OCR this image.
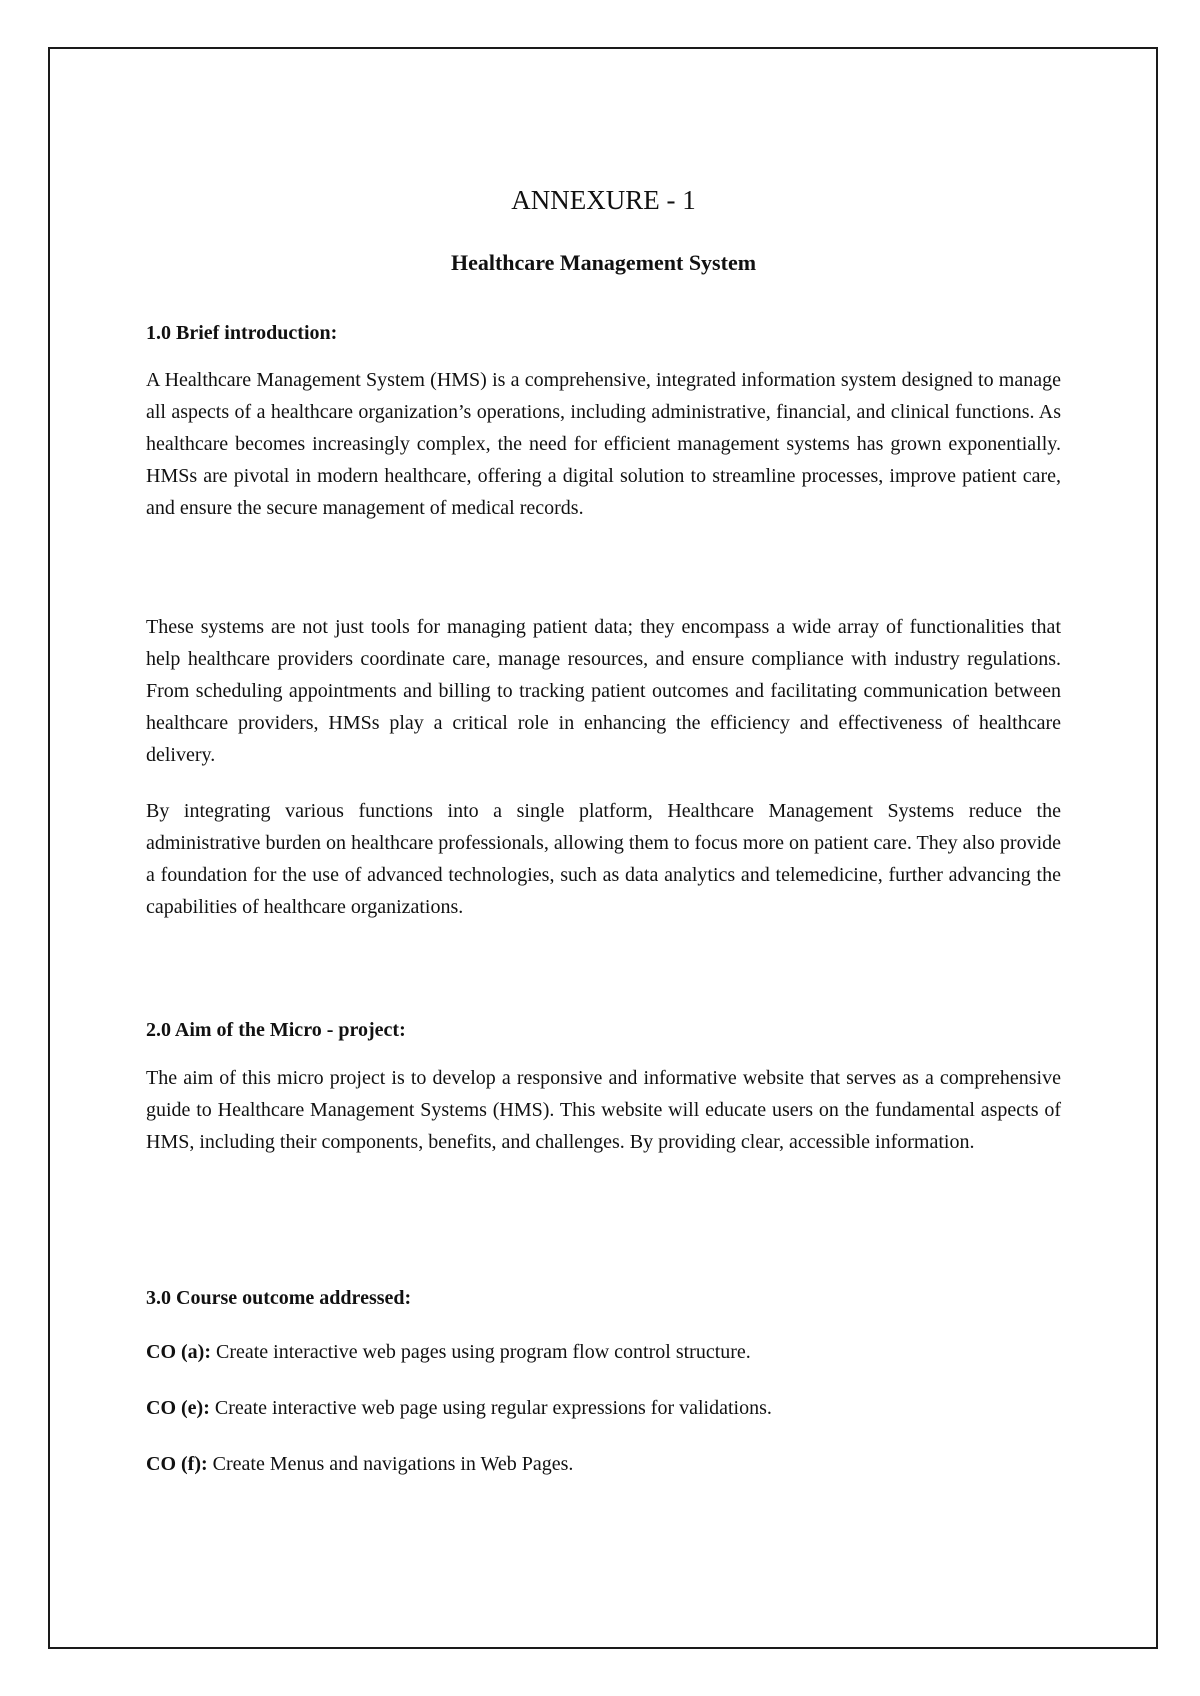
ANNEXURE - 1
Healthcare Management System
1.0 Brief introduction:

A Healthcare Management System (HMS) is a comprehensive, integrated information system designed to manage all aspects of a healthcare organization’s operations, including administrative, financial, and clinical functions. As healthcare becomes increasingly complex, the need for efficient management systems has grown exponentially. HMSs are pivotal in modern healthcare, offering a digital solution to streamline processes, improve patient care, and ensure the secure management of medical records.

These systems are not just tools for managing patient data; they encompass a wide array of functionalities that help healthcare providers coordinate care, manage resources, and ensure compliance with industry regulations. From scheduling appointments and billing to tracking patient outcomes and facilitating communication between healthcare providers, HMSs play a critical role in enhancing the efficiency and effectiveness of healthcare delivery.

By integrating various functions into a single platform, Healthcare Management Systems reduce the administrative burden on healthcare professionals, allowing them to focus more on patient care. They also provide a foundation for the use of advanced technologies, such as data analytics and telemedicine, further advancing the capabilities of healthcare organizations.

2.0 Aim of the Micro - project:

The aim of this micro project is to develop a responsive and informative website that serves as a comprehensive guide to Healthcare Management Systems (HMS). This website will educate users on the fundamental aspects of HMS, including their components, benefits, and challenges. By providing clear, accessible information.

3.0 Course outcome addressed:

CO (a): Create interactive web pages using program flow control structure.

CO (e): Create interactive web page using regular expressions for validations.

CO (f): Create Menus and navigations in Web Pages.
